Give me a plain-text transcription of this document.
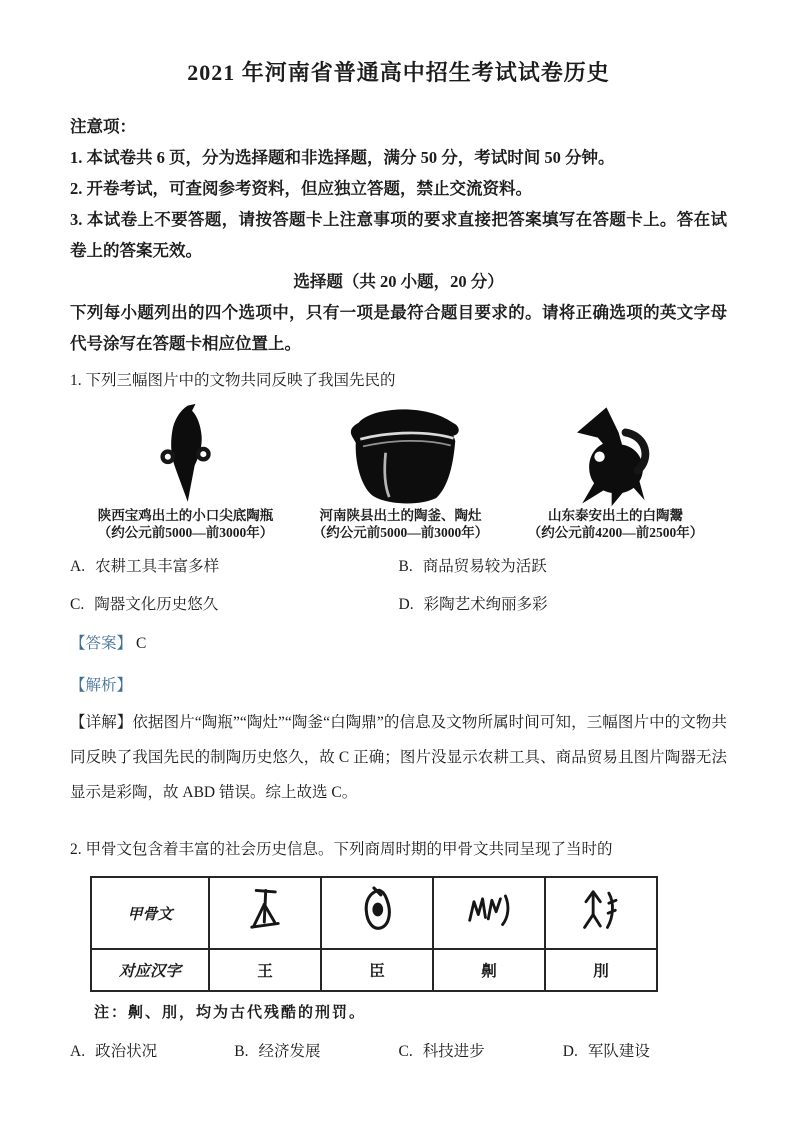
2021 年河南省普通高中招生考试试卷历史

注意项：

1. 本试卷共 6 页，分为选择题和非选择题，满分 50 分，考试时间 50 分钟。

2. 开卷考试，可查阅参考资料，但应独立答题，禁止交流资料。

3. 本试卷上不要答题，请按答题卡上注意事项的要求直接把答案填写在答题卡上。答在试卷上的答案无效。

选择题（共 20 小题，20 分）

下列每小题列出的四个选项中，只有一项是最符合题目要求的。请将正确选项的英文字母代号涂写在答题卡相应位置上。

1. 下列三幅图片中的文物共同反映了我国先民的

陕西宝鸡出土的小口尖底陶瓶
（约公元前5000—前3000年）
河南陕县出土的陶釜、陶灶
（约公元前5000—前3000年）
山东泰安出土的白陶鬶
（约公元前4200—前2500年）

A. 农耕工具丰富多样	B. 商品贸易较为活跃

C. 陶器文化历史悠久	D. 彩陶艺术绚丽多彩

【答案】 C

【解析】

【详解】依据图片“陶瓶”“陶灶”“陶釜“白陶鼎”的信息及文物所属时间可知，三幅图片中的文物共同反映了我国先民的制陶历史悠久，故 C 正确；图片没显示农耕工具、商品贸易且图片陶器无法显示是彩陶，故 ABD 错误。综上故选 C。

2. 甲骨文包含着丰富的社会历史信息。下列商周时期的甲骨文共同呈现了当时的

甲骨文				
对应汉字	王	臣	劓	刖

注：劓、刖，均为古代残酷的刑罚。

A. 政治状况	B. 经济发展	C. 科技进步	D. 军队建设
